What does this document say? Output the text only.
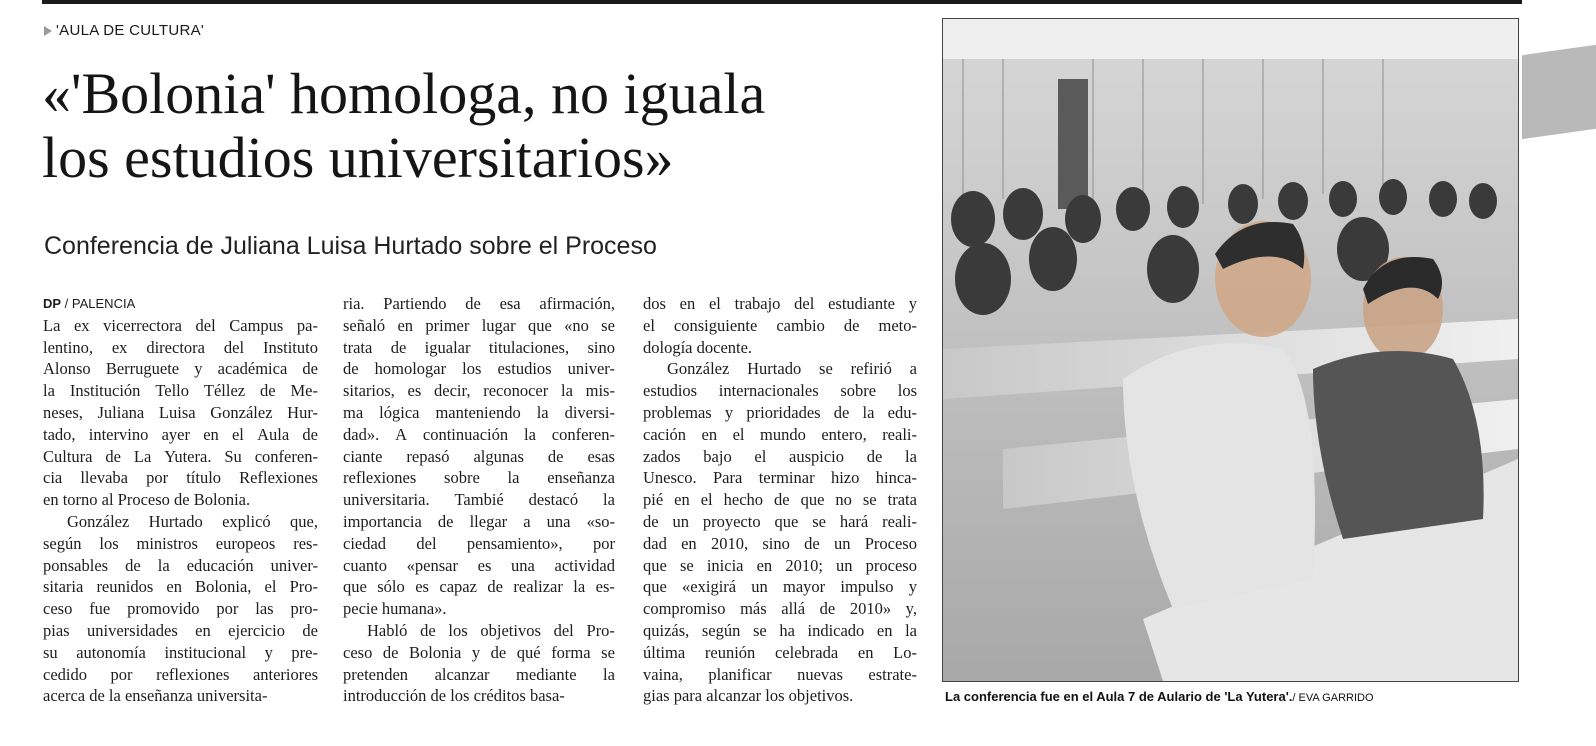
'AULA DE CULTURA'
«'Bolonia' homologa, no iguala
los estudios universitarios»
Conferencia de Juliana Luisa Hurtado sobre el Proceso
DP / PALENCIA
La ex vicerrectora del Campus pa-
lentino, ex directora del Instituto
Alonso Berruguete y académica de
la Institución Tello Téllez de Me-
neses, Juliana Luisa González Hur-
tado, intervino ayer en el Aula de
Cultura de La Yutera. Su conferen-
cia llevaba por título Reflexiones
en torno al Proceso de Bolonia.
González Hurtado explicó que,
según los ministros europeos res-
ponsables de la educación univer-
sitaria reunidos en Bolonia, el Pro-
ceso fue promovido por las pro-
pias universidades en ejercicio de
su autonomía institucional y pre-
cedido por reflexiones anteriores
acerca de la enseñanza universita-
ria. Partiendo de esa afirmación,
señaló en primer lugar que «no se
trata de igualar titulaciones, sino
de homologar los estudios univer-
sitarios, es decir, reconocer la mis-
ma lógica manteniendo la diversi-
dad». A continuación la conferen-
ciante repasó algunas de esas
reflexiones sobre la enseñanza
universitaria. Tambié destacó la
importancia de llegar a una «so-
ciedad del pensamiento», por
cuanto «pensar es una actividad
que sólo es capaz de realizar la es-
pecie humana».
Habló de los objetivos del Pro-
ceso de Bolonia y de qué forma se
pretenden alcanzar mediante la
introducción de los créditos basa-
dos en el trabajo del estudiante y
el consiguiente cambio de meto-
dología docente.
González Hurtado se refirió a
estudios internacionales sobre los
problemas y prioridades de la edu-
cación en el mundo entero, reali-
zados bajo el auspicio de la
Unesco. Para terminar hizo hinca-
pié en el hecho de que no se trata
de un proyecto que se hará reali-
dad en 2010, sino de un Proceso
que se inicia en 2010; un proceso
que «exigirá un mayor impulso y
compromiso más allá de 2010» y,
quizás, según se ha indicado en la
última reunión celebrada en Lo-
vaina, planificar nuevas estrate-
gias para alcanzar los objetivos.	La conferencia fue en el Aula 7 de Aulario de 'La Yutera'./ EVA GARRIDO
